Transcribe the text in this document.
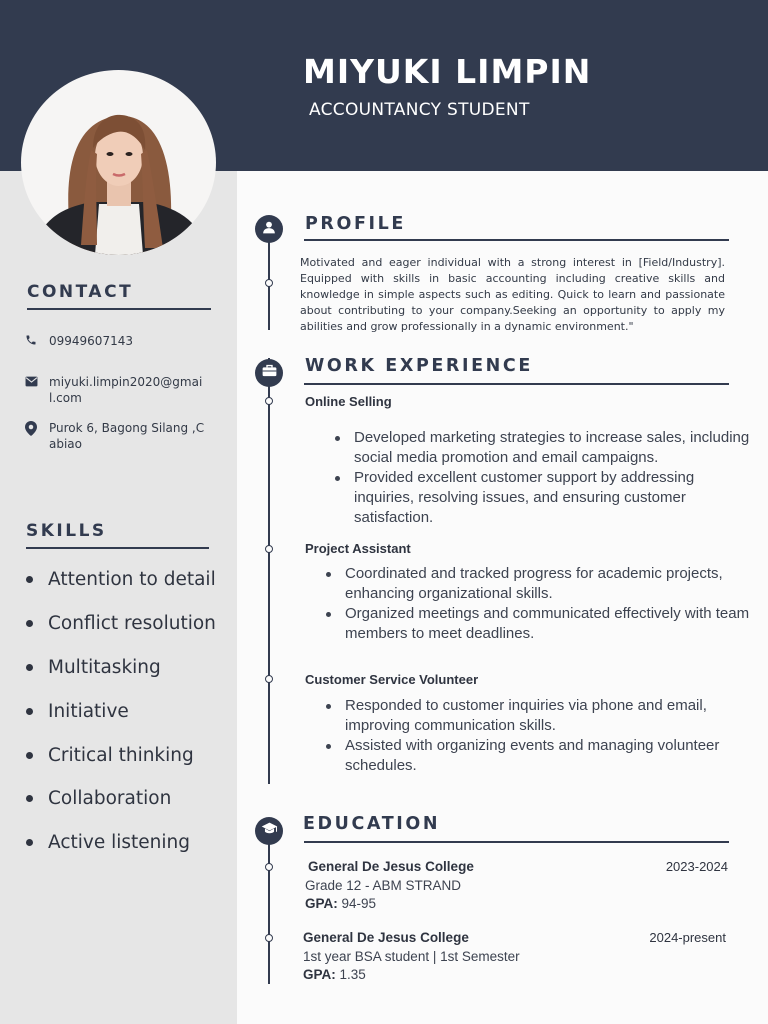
MIYUKI LIMPIN
ACCOUNTANCY STUDENT
CONTACT
09949607143
miyuki.limpin2020@gmail.com
Purok 6, Bagong Silang ,Cabiao
SKILLS
Attention to detail
Conflict resolution
Multitasking
Initiative
Critical thinking
Collaboration
Active listening
PROFILE
Motivated and eager individual with a strong interest in [Field/Industry]. Equipped with skills in basic accounting including creative skills and knowledge in simple aspects such as editing. Quick to learn and passionate about contributing to your company.Seeking an opportunity to apply my abilities and grow professionally in a dynamic environment."
WORK EXPERIENCE
Online Selling
Developed marketing strategies to increase sales, including social media promotion and email campaigns.
Provided excellent customer support by addressing inquiries, resolving issues, and ensuring customer satisfaction.
Project Assistant
Coordinated and tracked progress for academic projects, enhancing organizational skills.
Organized meetings and communicated effectively with team members to meet deadlines.
Customer Service Volunteer
Responded to customer inquiries via phone and email, improving communication skills.
Assisted with organizing events and managing volunteer schedules.
EDUCATION
General De Jesus College	2023-2024
Grade 12 - ABM STRAND
GPA: 94-95
General De Jesus College	2024-present
1st year BSA student | 1st Semester
GPA: 1.35
